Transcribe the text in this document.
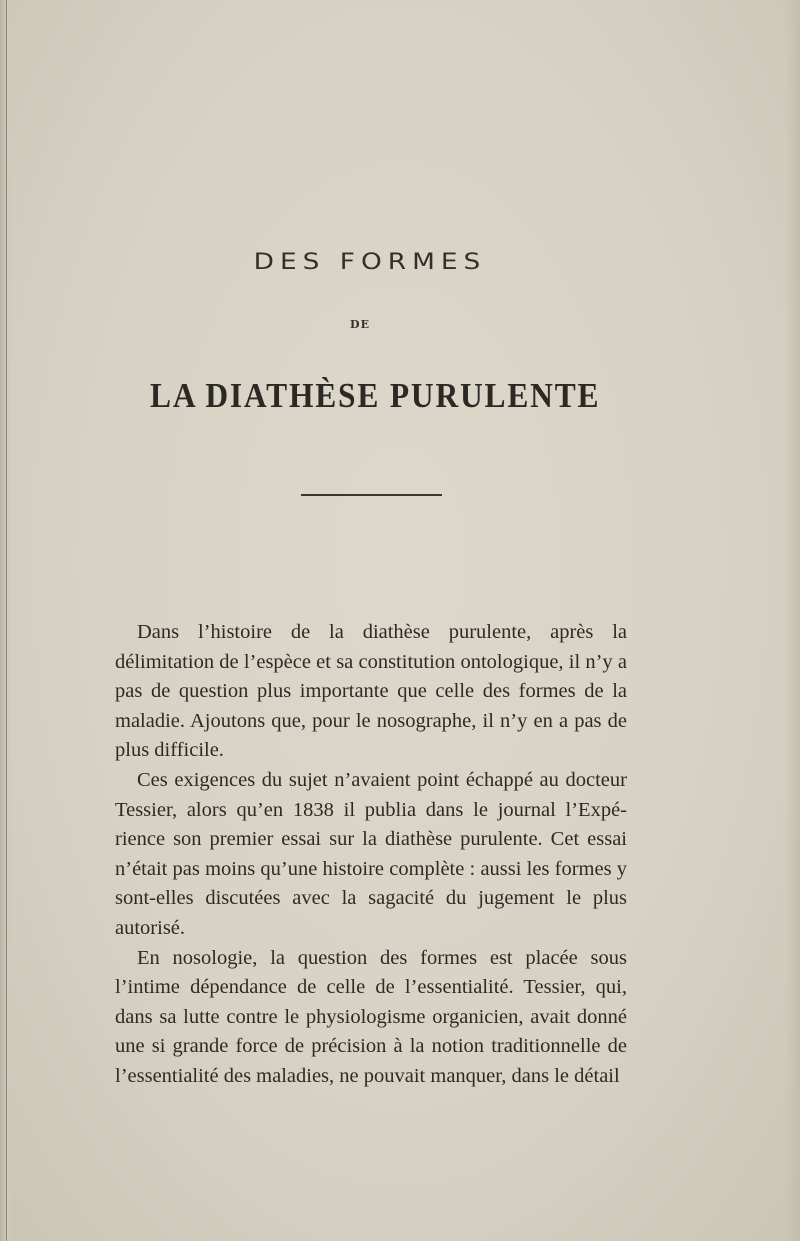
DES FORMES
DE
LA DIATHÈSE PURULENTE

Dans l’histoire de la diathèse purulente, après la délimitation de l’espèce et sa constitution ontologique, il n’y a pas de question plus importante que celle des formes de la maladie. Ajoutons que, pour le nosographe, il n’y en a pas de plus difficile.

Ces exigences du sujet n’avaient point échappé au docteur Tessier, alors qu’en 1838 il publia dans le journal l’Expé-rience son premier essai sur la diathèse purulente. Cet essai n’était pas moins qu’une histoire complète : aussi les formes y sont-elles discutées avec la sagacité du jugement le plus autorisé.

En nosologie, la question des formes est placée sous l’intime dépendance de celle de l’essentialité. Tessier, qui, dans sa lutte contre le physiologisme organicien, avait donné une si grande force de précision à la notion traditionnelle de l’essentialité des maladies, ne pouvait manquer, dans le détail
